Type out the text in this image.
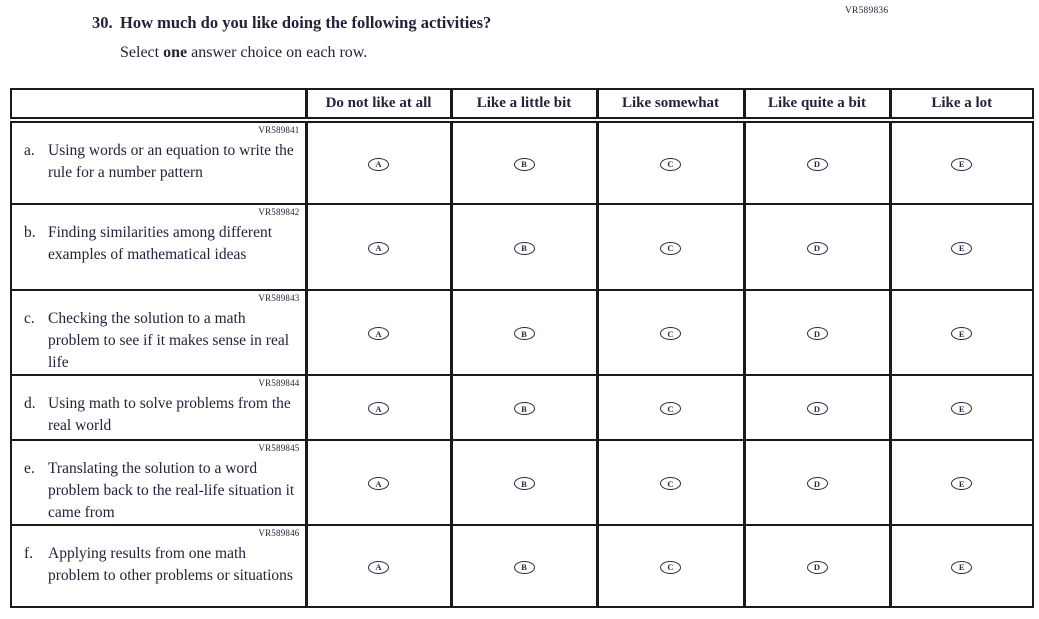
VR589836
30. How much do you like doing the following activities?
Select one answer choice on each row.
	Do not like at all	Like a little bit	Like somewhat	Like quite a bit	Like a lot

VR589841
a. Using words or an equation to write the rule for a number pattern	A	B	C	D	E

VR589842
b. Finding similarities among different examples of mathematical ideas	A	B	C	D	E

VR589843
c. Checking the solution to a math problem to see if it makes sense in real life	A	B	C	D	E

VR589844
d. Using math to solve problems from the real world	A	B	C	D	E

VR589845
e. Translating the solution to a word problem back to the real-life situation it came from	A	B	C	D	E

VR589846
f. Applying results from one math problem to other problems or situations	A	B	C	D	E
